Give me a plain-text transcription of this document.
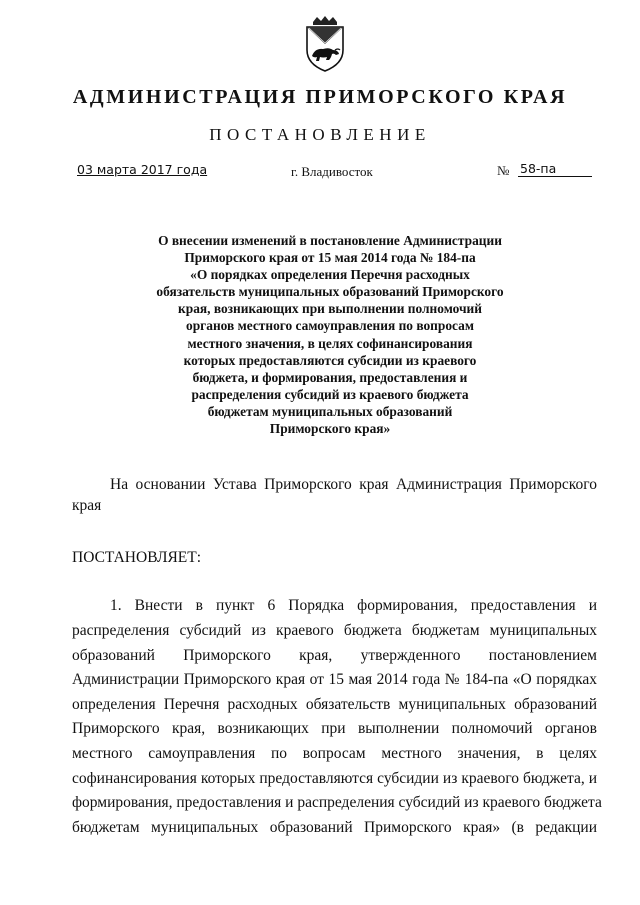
АДМИНИСТРАЦИЯ ПРИМОРСКОГО КРАЯ
ПОСТАНОВЛЕНИЕ
03 марта 2017 года	г. Владивосток	№ 58-па
О внесении изменений в постановление Администрации
Приморского края от 15 мая 2014 года № 184-па
«О порядках определения Перечня расходных
обязательств муниципальных образований Приморского
края, возникающих при выполнении полномочий
органов местного самоуправления по вопросам
местного значения, в целях софинансирования
которых предоставляются субсидии из краевого
бюджета, и формирования, предоставления и
распределения субсидий из краевого бюджета
бюджетам муниципальных образований
Приморского края»
На основании Устава Приморского края Администрация Приморского
края
ПОСТАНОВЛЯЕТ:
1. Внести в пункт 6 Порядка формирования, предоставления и
распределения субсидий из краевого бюджета бюджетам муниципальных
образований Приморского края, утвержденного постановлением
Администрации Приморского края от 15 мая 2014 года № 184-па «О порядках
определения Перечня расходных обязательств муниципальных образований
Приморского края, возникающих при выполнении полномочий органов
местного самоуправления по вопросам местного значения, в целях
софинансирования которых предоставляются субсидии из краевого бюджета, и
формирования, предоставления и распределения субсидий из краевого бюджета
бюджетам муниципальных образований Приморского края» (в редакции
